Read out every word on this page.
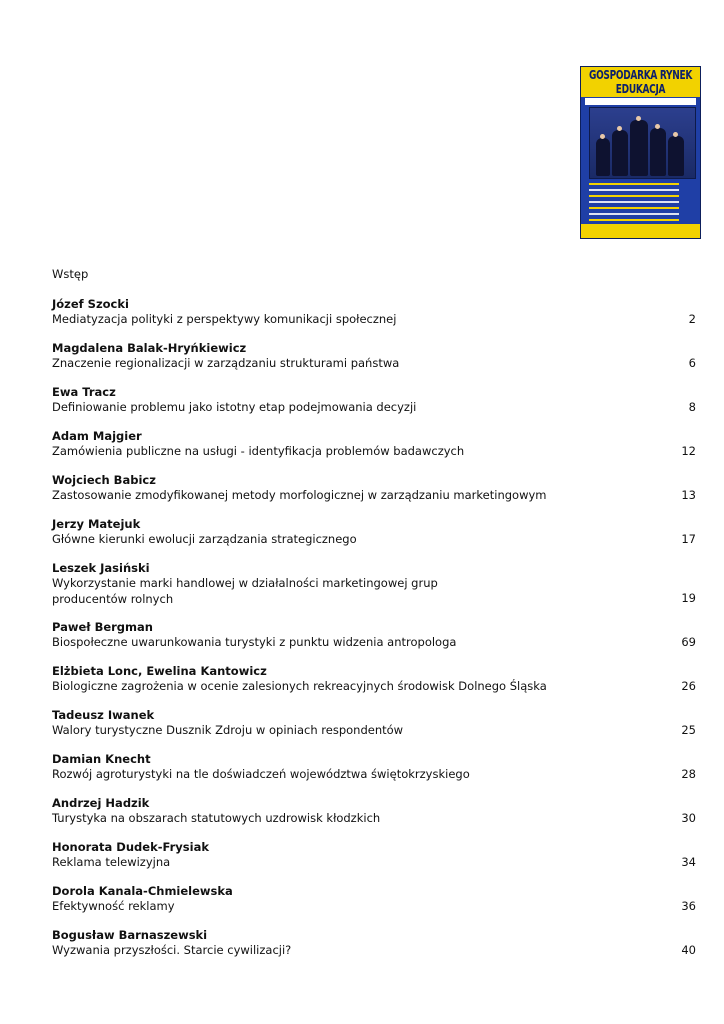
GOSPODARKA RYNEK EDUKACJA
Wstęp
Józef Szocki
Mediatyzacja polityki z perspektywy komunikacji społecznej	2
Magdalena Balak-Hryńkiewicz
Znaczenie regionalizacji w zarządzaniu strukturami państwa	6
Ewa Tracz
Definiowanie problemu jako istotny etap podejmowania decyzji	8
Adam Majgier
Zamówienia publiczne na usługi - identyfikacja problemów badawczych	12
Wojciech Babicz
Zastosowanie zmodyfikowanej metody morfologicznej w zarządzaniu marketingowym	13
Jerzy Matejuk
Główne kierunki ewolucji zarządzania strategicznego	17
Leszek Jasiński
Wykorzystanie marki handlowej w działalności marketingowej grup producentów rolnych	19
Paweł Bergman
Biospołeczne uwarunkowania turystyki z punktu widzenia antropologa	69
Elżbieta Lonc, Ewelina Kantowicz
Biologiczne zagrożenia w ocenie zalesionych rekreacyjnych środowisk Dolnego Śląska	26
Tadeusz Iwanek
Walory turystyczne Dusznik Zdroju w opiniach respondentów	25
Damian Knecht
Rozwój agroturystyki na tle doświadczeń województwa świętokrzyskiego	28
Andrzej Hadzik
Turystyka na obszarach statutowych uzdrowisk kłodzkich	30
Honorata Dudek-Frysiak
Reklama telewizyjna	34
Dorola Kanala-Chmielewska
Efektywność reklamy	36
Bogusław Barnaszewski
Wyzwania przyszłości. Starcie cywilizacji?	40
